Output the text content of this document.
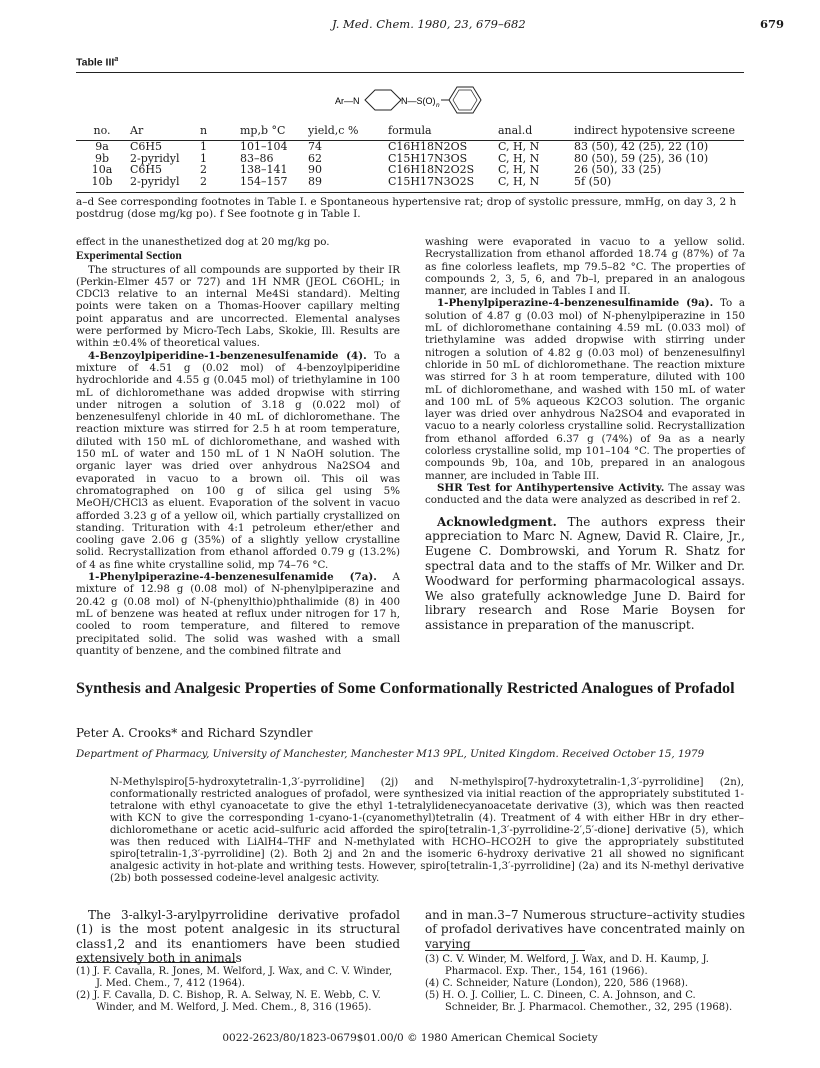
J. Med. Chem. 1980, 23, 679–682	679
Table III$^a$
Ar—N	N—S(O) n
no.	Ar	n	mp,b °C	yield,c %	formula	anal.d	indirect hypotensive screene
9a	C6H5	1	101–104	74	C16H18N2OS	C, H, N	83 (50), 42 (25), 22 (10)
9b	2-pyridyl	1	83–86	62	C15H17N3OS	C, H, N	80 (50), 59 (25), 36 (10)
10a	C6H5	2	138–141	90	C16H18N2O2S	C, H, N	26 (50), 33 (25)
10b	2-pyridyl	2	154–157	89	C15H17N3O2S	C, H, N	5f (50)
a–d See corresponding footnotes in Table I. e Spontaneous hypertensive rat; drop of systolic pressure, mmHg, on day 3, 2 h postdrug (dose mg/kg po). f See footnote g in Table I.

effect in the unanesthetized dog at 20 mg/kg po.

Experimental Section

The structures of all compounds are supported by their IR (Perkin-Elmer 457 or 727) and 1H NMR (JEOL C6OHL; in CDCl3 relative to an internal Me4Si standard). Melting points were taken on a Thomas-Hoover capillary melting point apparatus and are uncorrected. Elemental analyses were performed by Micro-Tech Labs, Skokie, Ill. Results are within ±0.4% of theoretical values.

4-Benzoylpiperidine-1-benzenesulfenamide (4). To a mixture of 4.51 g (0.02 mol) of 4-benzoylpiperidine hydrochloride and 4.55 g (0.045 mol) of triethylamine in 100 mL of dichloromethane was added dropwise with stirring under nitrogen a solution of 3.18 g (0.022 mol) of benzenesulfenyl chloride in 40 mL of dichloromethane. The reaction mixture was stirred for 2.5 h at room temperature, diluted with 150 mL of dichloromethane, and washed with 150 mL of water and 150 mL of 1 N NaOH solution. The organic layer was dried over anhydrous Na2SO4 and evaporated in vacuo to a brown oil. This oil was chromatographed on 100 g of silica gel using 5% MeOH/CHCl3 as eluent. Evaporation of the solvent in vacuo afforded 3.23 g of a yellow oil, which partially crystallized on standing. Trituration with 4:1 petroleum ether/ether and cooling gave 2.06 g (35%) of a slightly yellow crystalline solid. Recrystallization from ethanol afforded 0.79 g (13.2%) of 4 as fine white crystalline solid, mp 74–76 °C.

1-Phenylpiperazine-4-benzenesulfenamide (7a). A mixture of 12.98 g (0.08 mol) of N-phenylpiperazine and 20.42 g (0.08 mol) of N-(phenylthio)phthalimide (8) in 400 mL of benzene was heated at reflux under nitrogen for 17 h, cooled to room temperature, and filtered to remove precipitated solid. The solid was washed with a small quantity of benzene, and the combined filtrate and

washing were evaporated in vacuo to a yellow solid. Recrystallization from ethanol afforded 18.74 g (87%) of 7a as fine colorless leaflets, mp 79.5–82 °C. The properties of compounds 2, 3, 5, 6, and 7b–l, prepared in an analogous manner, are included in Tables I and II.

1-Phenylpiperazine-4-benzenesulfinamide (9a). To a solution of 4.87 g (0.03 mol) of N-phenylpiperazine in 150 mL of dichloromethane containing 4.59 mL (0.033 mol) of triethylamine was added dropwise with stirring under nitrogen a solution of 4.82 g (0.03 mol) of benzenesulfinyl chloride in 50 mL of dichloromethane. The reaction mixture was stirred for 3 h at room temperature, diluted with 100 mL of dichloromethane, and washed with 150 mL of water and 100 mL of 5% aqueous K2CO3 solution. The organic layer was dried over anhydrous Na2SO4 and evaporated in vacuo to a nearly colorless crystalline solid. Recrystallization from ethanol afforded 6.37 g (74%) of 9a as a nearly colorless crystalline solid, mp 101–104 °C. The properties of compounds 9b, 10a, and 10b, prepared in an analogous manner, are included in Table III.

SHR Test for Antihypertensive Activity. The assay was conducted and the data were analyzed as described in ref 2.

Acknowledgment. The authors express their appreciation to Marc N. Agnew, David R. Claire, Jr., Eugene C. Dombrowski, and Yorum R. Shatz for spectral data and to the staffs of Mr. Wilker and Dr. Woodward for performing pharmacological assays. We also gratefully acknowledge June D. Baird for library research and Rose Marie Boysen for assistance in preparation of the manuscript.

Synthesis and Analgesic Properties of Some Conformationally Restricted Analogues of Profadol
Peter A. Crooks* and Richard Szyndler
Department of Pharmacy, University of Manchester, Manchester M13 9PL, United Kingdom. Received October 15, 1979
N-Methylspiro[5-hydroxytetralin-1,3′-pyrrolidine] (2j) and N-methylspiro[7-hydroxytetralin-1,3′-pyrrolidine] (2n), conformationally restricted analogues of profadol, were synthesized via initial reaction of the appropriately substituted 1-tetralone with ethyl cyanoacetate to give the ethyl 1-tetralylidenecyanoacetate derivative (3), which was then reacted with KCN to give the corresponding 1-cyano-1-(cyanomethyl)tetralin (4). Treatment of 4 with either HBr in dry ether–dichloromethane or acetic acid–sulfuric acid afforded the spiro[tetralin-1,3′-pyrrolidine-2′,5′-dione] derivative (5), which was then reduced with LiAlH4–THF and N-methylated with HCHO–HCO2H to give the appropriately substituted spiro[tetralin-1,3′-pyrrolidine] (2). Both 2j and 2n and the isomeric 6-hydroxy derivative 21 all showed no significant analgesic activity in hot-plate and writhing tests. However, spiro[tetralin-1,3′-pyrrolidine] (2a) and its N-methyl derivative (2b) both possessed codeine-level analgesic activity.
The 3-alkyl-3-arylpyrrolidine derivative profadol (1) is the most potent analgesic in its structural class1,2 and its enantiomers have been studied extensively both in animals
and in man.3–7 Numerous structure–activity studies of profadol derivatives have concentrated mainly on varying
(1) J. F. Cavalla, R. Jones, M. Welford, J. Wax, and C. V. Winder, J. Med. Chem., 7, 412 (1964).
(2) J. F. Cavalla, D. C. Bishop, R. A. Selway, N. E. Webb, C. V. Winder, and M. Welford, J. Med. Chem., 8, 316 (1965).
(3) C. V. Winder, M. Welford, J. Wax, and D. H. Kaump, J. Pharmacol. Exp. Ther., 154, 161 (1966).
(4) C. Schneider, Nature (London), 220, 586 (1968).
(5) H. O. J. Collier, L. C. Dineen, C. A. Johnson, and C. Schneider, Br. J. Pharmacol. Chemother., 32, 295 (1968).
0022-2623/80/1823-0679$01.00/0 © 1980 American Chemical Society
